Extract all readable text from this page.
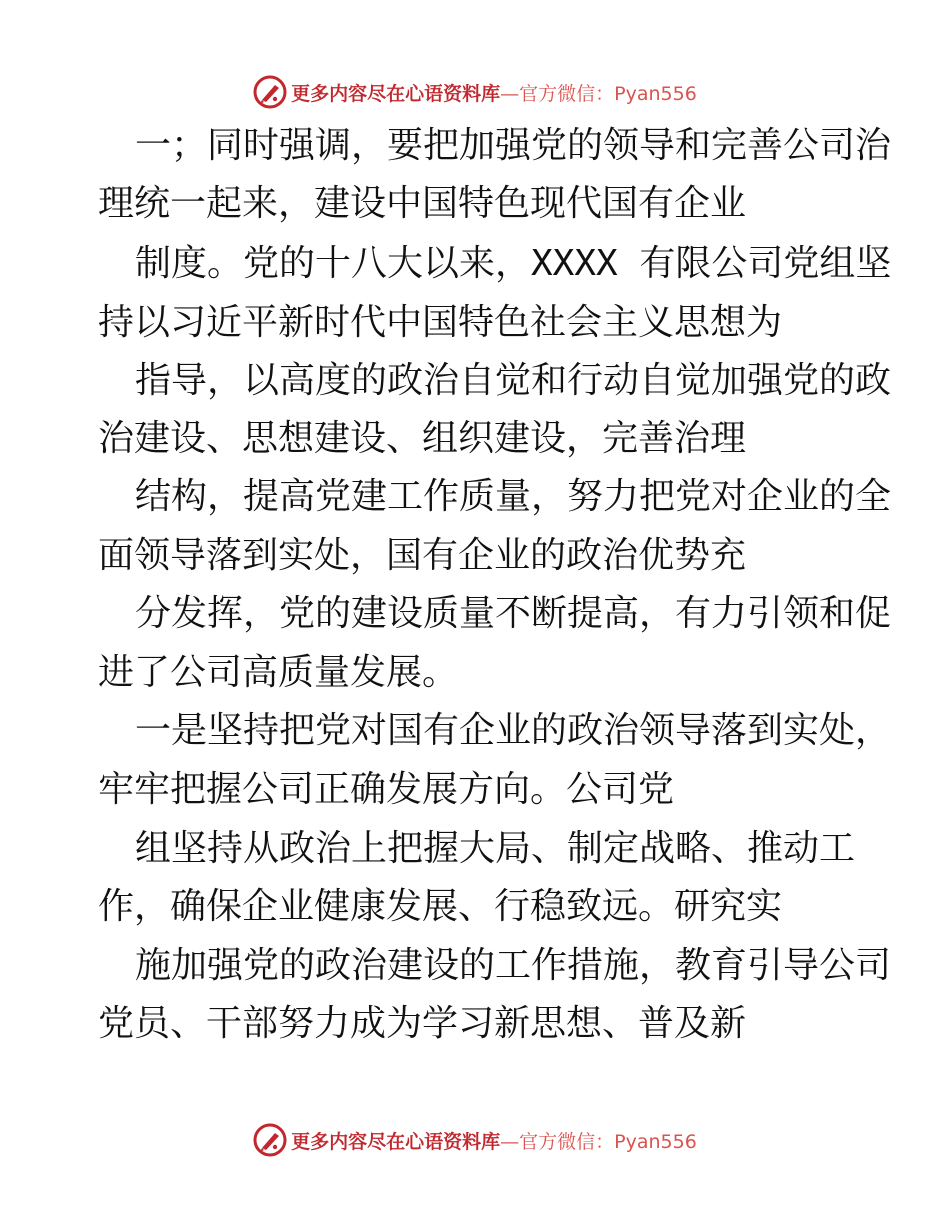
更多内容尽在心语资料库—官方微信：Pyan556
一；同时强调，要把加强党的领导和完善公司治
理统一起来，建设中国特色现代国有企业
制度。党的十八大以来，XXXX 有限公司党组坚
持以习近平新时代中国特色社会主义思想为
指导，以高度的政治自觉和行动自觉加强党的政
治建设、思想建设、组织建设，完善治理
结构，提高党建工作质量，努力把党对企业的全
面领导落到实处，国有企业的政治优势充
分发挥，党的建设质量不断提高，有力引领和促
进了公司高质量发展。
一是坚持把党对国有企业的政治领导落到实处，
牢牢把握公司正确发展方向。公司党
组坚持从政治上把握大局、制定战略、推动工
作，确保企业健康发展、行稳致远。研究实
施加强党的政治建设的工作措施，教育引导公司
党员、干部努力成为学习新思想、普及新
更多内容尽在心语资料库—官方微信：Pyan556
